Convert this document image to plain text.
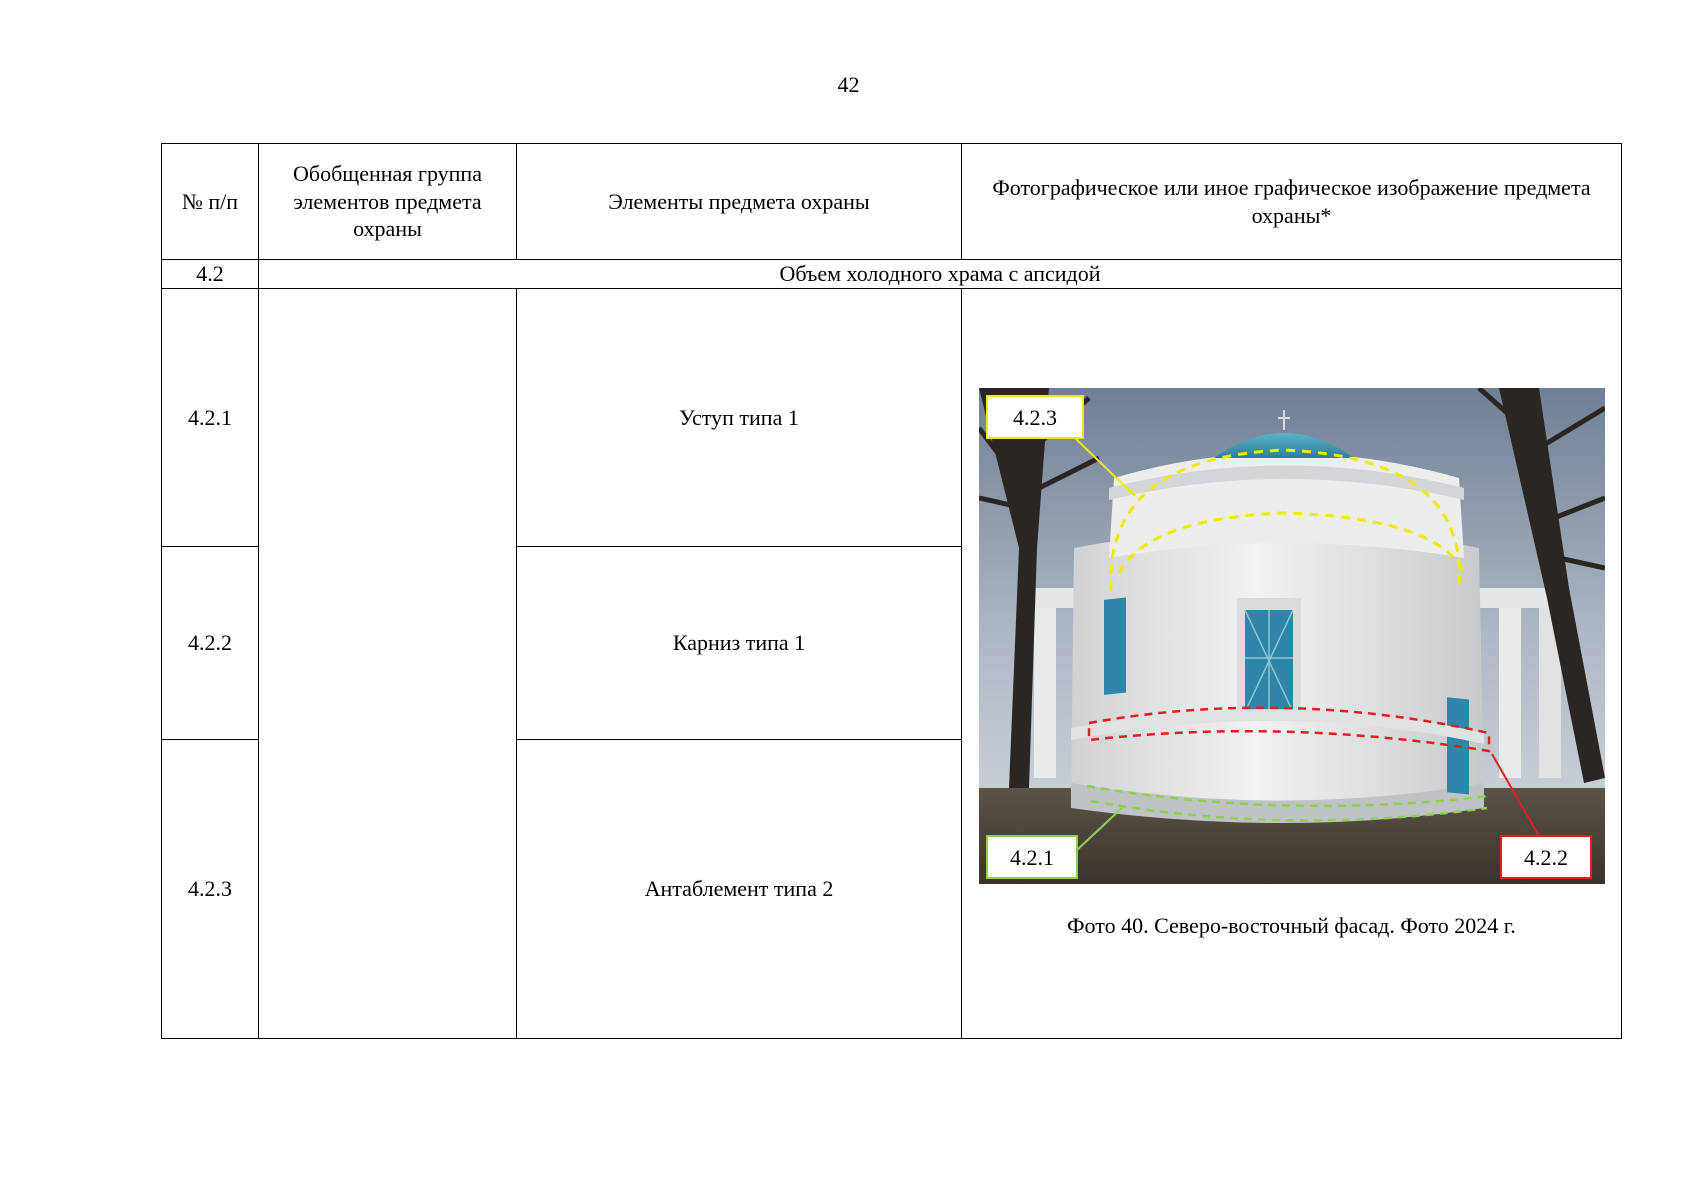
42
№ п/п	Обобщенная группа элементов предмета охраны	Элементы предмета охраны	Фотографическое или иное графическое изображение предмета охраны*
4.2	Объем холодного храма с апсидой		
4.2.1		Уступ типа 1	4.2.3
4.2.1 4.2.2
Фото 40. Северо-восточный фасад. Фото 2024 г.

4.2.2		Карниз типа 1	
4.2.3		Антаблемент типа 2	
